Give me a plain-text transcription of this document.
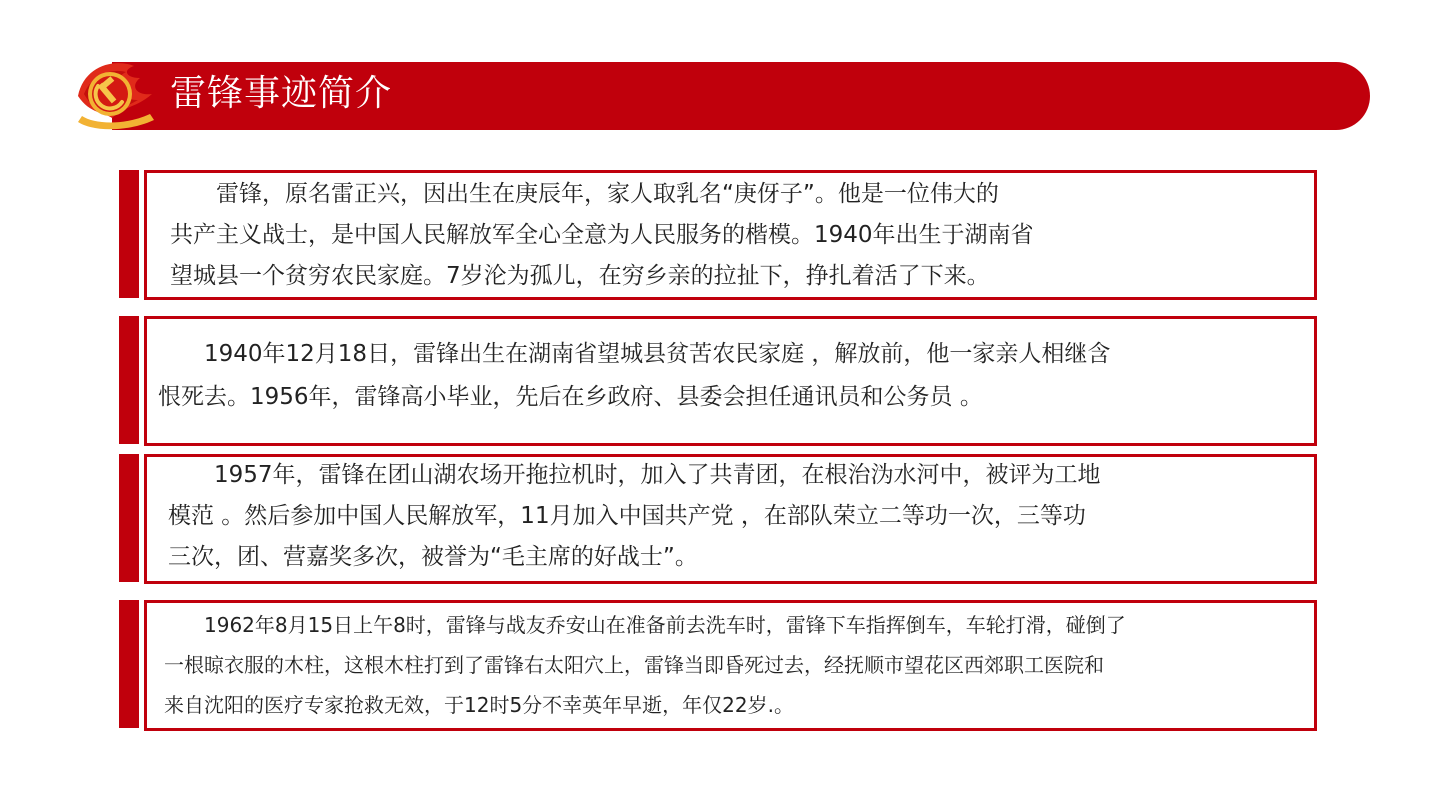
雷锋事迹简介
　　雷锋，原名雷正兴，因出生在庚辰年，家人取乳名“庚伢子”。他是一位伟大的
共产主义战士，是中国人民解放军全心全意为人民服务的楷模。1940年出生于湖南省
望城县一个贫穷农民家庭。7岁沦为孤儿，在穷乡亲的拉扯下，挣扎着活了下来。
　　1940年12月18日，雷锋出生在湖南省望城县贫苦农民家庭 ，解放前，他一家亲人相继含
恨死去。1956年，雷锋高小毕业，先后在乡政府、县委会担任通讯员和公务员 。
　　1957年，雷锋在团山湖农场开拖拉机时，加入了共青团，在根治沩水河中，被评为工地
模范 。然后参加中国人民解放军，11月加入中国共产党 ，在部队荣立二等功一次，三等功
三次，团、营嘉奖多次，被誉为“毛主席的好战士”。
　　1962年8月15日上午8时，雷锋与战友乔安山在准备前去洗车时，雷锋下车指挥倒车，车轮打滑，碰倒了
一根晾衣服的木柱，这根木柱打到了雷锋右太阳穴上，雷锋当即昏死过去，经抚顺市望花区西郊职工医院和
来自沈阳的医疗专家抢救无效，于12时5分不幸英年早逝，年仅22岁.。
